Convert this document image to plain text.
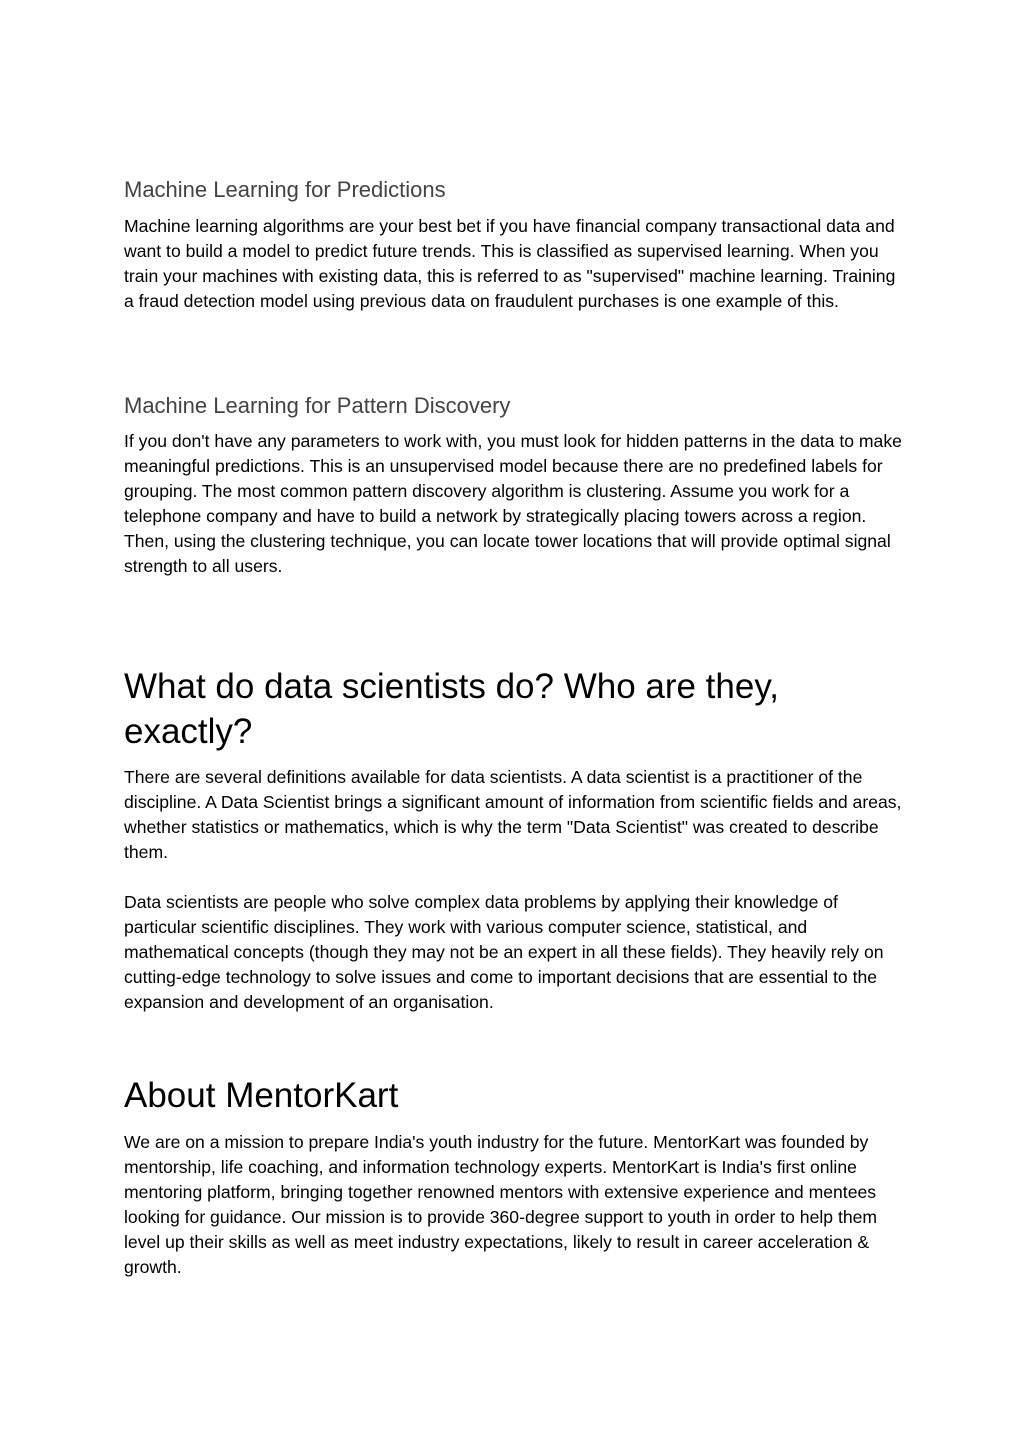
Machine Learning for Predictions

Machine learning algorithms are your best bet if you have financial company transactional data and want to build a model to predict future trends. This is classified as supervised learning. When you train your machines with existing data, this is referred to as "supervised" machine learning. Training a fraud detection model using previous data on fraudulent purchases is one example of this.

Machine Learning for Pattern Discovery

If you don't have any parameters to work with, you must look for hidden patterns in the data to make meaningful predictions. This is an unsupervised model because there are no predefined labels for grouping. The most common pattern discovery algorithm is clustering. Assume you work for a telephone company and have to build a network by strategically placing towers across a region. Then, using the clustering technique, you can locate tower locations that will provide optimal signal strength to all users.

What do data scientists do? Who are they, exactly?

There are several definitions available for data scientists. A data scientist is a practitioner of the discipline. A Data Scientist brings a significant amount of information from scientific fields and areas, whether statistics or mathematics, which is why the term "Data Scientist" was created to describe them.

Data scientists are people who solve complex data problems by applying their knowledge of particular scientific disciplines. They work with various computer science, statistical, and mathematical concepts (though they may not be an expert in all these fields). They heavily rely on cutting-edge technology to solve issues and come to important decisions that are essential to the expansion and development of an organisation.

About MentorKart

We are on a mission to prepare India's youth industry for the future. MentorKart was founded by mentorship, life coaching, and information technology experts. MentorKart is India's first online mentoring platform, bringing together renowned mentors with extensive experience and mentees looking for guidance. Our mission is to provide 360-degree support to youth in order to help them level up their skills as well as meet industry expectations, likely to result in career acceleration & growth.
